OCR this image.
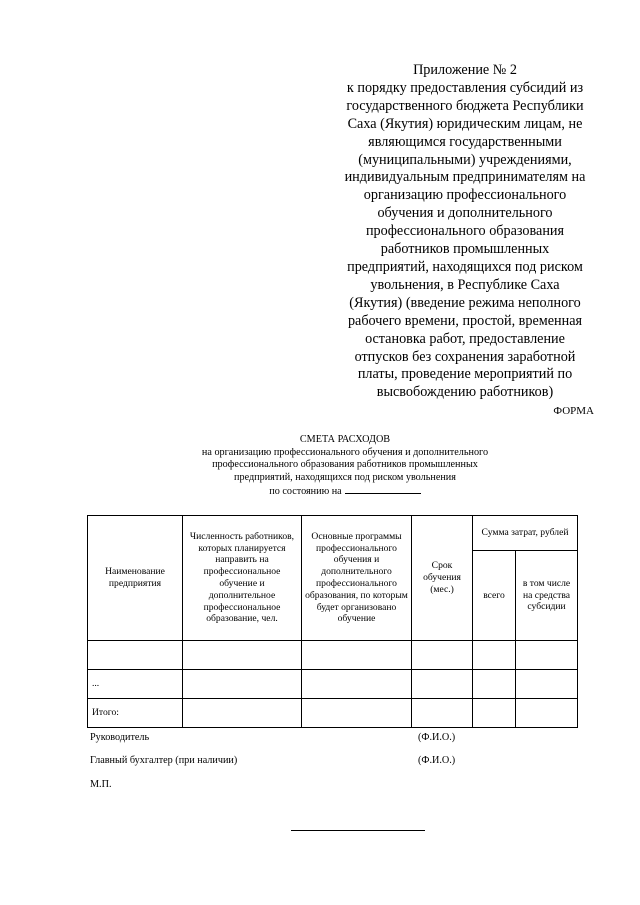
Приложение № 2
к порядку предоставления субсидий из
государственного бюджета Республики
Саха (Якутия) юридическим лицам, не
являющимся государственными
(муниципальными) учреждениями,
индивидуальным предпринимателям на
организацию профессионального
обучения и дополнительного
профессионального образования
работников промышленных
предприятий, находящихся под риском
увольнения, в Республике Саха
(Якутия) (введение режима неполного
рабочего времени, простой, временная
остановка работ, предоставление
отпусков без сохранения заработной
платы, проведение мероприятий по
высвобождению работников)
ФОРМА
СМЕТА РАСХОДОВ
на организацию профессионального обучения и дополнительного
профессионального образования работников промышленных
предприятий, находящихся под риском увольнения
по состоянию на
Наименование предприятия	Численность работников, которых планируется направить на профессиональное обучение и дополнительное профессиональное образование, чел.	Основные программы профессионального обучения и дополнительного профессионального образования, по которым будет организовано обучение	Срок обучения (мес.)	Сумма затрат, рублей	
				всего	в том числе на средства субсидии

...					
Итого:					
Руководитель	(Ф.И.О.)
Главный бухгалтер (при наличии)	(Ф.И.О.)
М.П.
